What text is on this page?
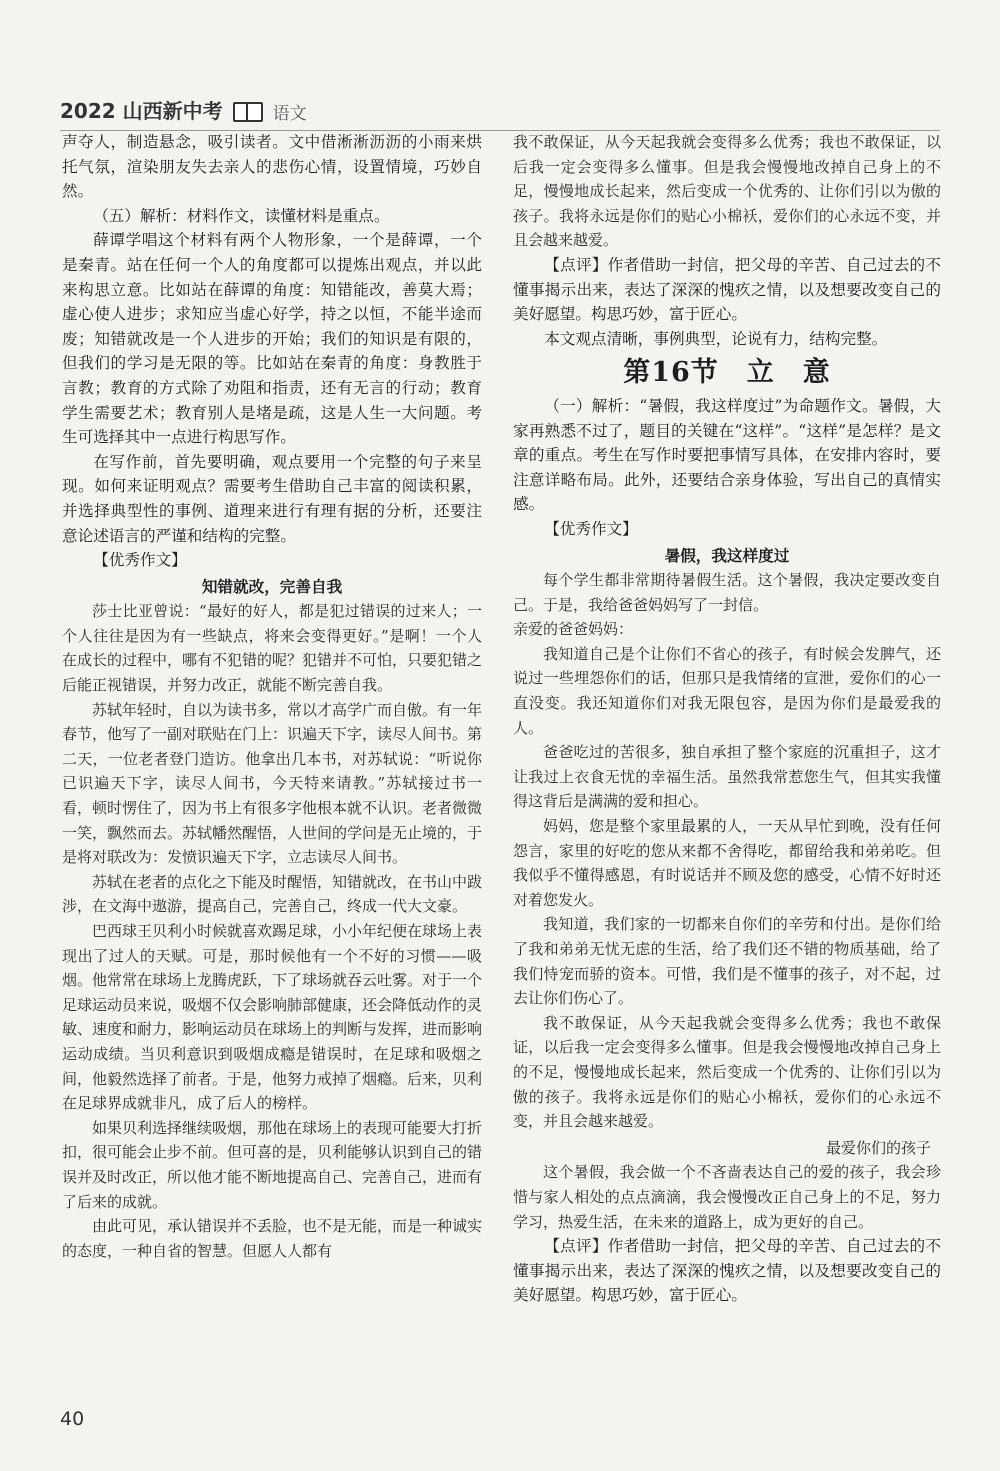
2022 山西新中考	语文

声夺人，制造悬念，吸引读者。文中借淅淅沥沥的小雨来烘托气氛，渲染朋友失去亲人的悲伤心情，设置情境，巧妙自然。

（五）解析：材料作文，读懂材料是重点。

薛谭学唱这个材料有两个人物形象，一个是薛谭，一个是秦青。站在任何一个人的角度都可以提炼出观点，并以此来构思立意。比如站在薛谭的角度：知错能改，善莫大焉；虚心使人进步；求知应当虚心好学，持之以恒，不能半途而废；知错就改是一个人进步的开始；我们的知识是有限的，但我们的学习是无限的等。比如站在秦青的角度：身教胜于言教；教育的方式除了劝阻和指责，还有无言的行动；教育学生需要艺术；教育别人是堵是疏，这是人生一大问题。考生可选择其中一点进行构思写作。

在写作前，首先要明确，观点要用一个完整的句子来呈现。如何来证明观点？需要考生借助自己丰富的阅读积累，并选择典型性的事例、道理来进行有理有据的分析，还要注意论述语言的严谨和结构的完整。

【优秀作文】

知错就改，完善自我

莎士比亚曾说：“最好的好人，都是犯过错误的过来人；一个人往往是因为有一些缺点，将来会变得更好。”是啊！一个人在成长的过程中，哪有不犯错的呢？犯错并不可怕，只要犯错之后能正视错误，并努力改正，就能不断完善自我。

苏轼年轻时，自以为读书多，常以才高学广而自傲。有一年春节，他写了一副对联贴在门上：识遍天下字，读尽人间书。第二天，一位老者登门造访。他拿出几本书，对苏轼说：“听说你已识遍天下字，读尽人间书，今天特来请教。”苏轼接过书一看，顿时愣住了，因为书上有很多字他根本就不认识。老者微微一笑，飘然而去。苏轼幡然醒悟，人世间的学问是无止境的，于是将对联改为：发愤识遍天下字，立志读尽人间书。

苏轼在老者的点化之下能及时醒悟，知错就改，在书山中跋涉，在文海中遨游，提高自己，完善自己，终成一代大文豪。

巴西球王贝利小时候就喜欢踢足球，小小年纪便在球场上表现出了过人的天赋。可是，那时候他有一个不好的习惯——吸烟。他常常在球场上龙腾虎跃，下了球场就吞云吐雾。对于一个足球运动员来说，吸烟不仅会影响肺部健康，还会降低动作的灵敏、速度和耐力，影响运动员在球场上的判断与发挥，进而影响运动成绩。当贝利意识到吸烟成瘾是错误时，在足球和吸烟之间，他毅然选择了前者。于是，他努力戒掉了烟瘾。后来，贝利在足球界成就非凡，成了后人的榜样。

如果贝利选择继续吸烟，那他在球场上的表现可能要大打折扣，很可能会止步不前。但可喜的是，贝利能够认识到自己的错误并及时改正，所以他才能不断地提高自己、完善自己，进而有了后来的成就。

由此可见，承认错误并不丢脸，也不是无能，而是一种诚实的态度，一种自省的智慧。但愿人人都有

我不敢保证，从今天起我就会变得多么优秀；我也不敢保证，以后我一定会变得多么懂事。但是我会慢慢地改掉自己身上的不足，慢慢地成长起来，然后变成一个优秀的、让你们引以为傲的孩子。我将永远是你们的贴心小棉袄，爱你们的心永远不变，并且会越来越爱。

【点评】作者借助一封信，把父母的辛苦、自己过去的不懂事揭示出来，表达了深深的愧疚之情，以及想要改变自己的美好愿望。构思巧妙，富于匠心。

本文观点清晰，事例典型，论说有力，结构完整。

第16节 立 意

（一）解析：“暑假，我这样度过”为命题作文。暑假，大家再熟悉不过了，题目的关键在“这样”。“这样”是怎样？是文章的重点。考生在写作时要把事情写具体，在安排内容时，要注意详略布局。此外，还要结合亲身体验，写出自己的真情实感。

【优秀作文】

暑假，我这样度过

每个学生都非常期待暑假生活。这个暑假，我决定要改变自己。于是，我给爸爸妈妈写了一封信。

亲爱的爸爸妈妈：

我知道自己是个让你们不省心的孩子，有时候会发脾气，还说过一些埋怨你们的话，但那只是我情绪的宣泄，爱你们的心一直没变。我还知道你们对我无限包容，是因为你们是最爱我的人。

爸爸吃过的苦很多，独自承担了整个家庭的沉重担子，这才让我过上衣食无忧的幸福生活。虽然我常惹您生气，但其实我懂得这背后是满满的爱和担心。

妈妈，您是整个家里最累的人，一天从早忙到晚，没有任何怨言，家里的好吃的您从来都不舍得吃，都留给我和弟弟吃。但我似乎不懂得感恩，有时说话并不顾及您的感受，心情不好时还对着您发火。

我知道，我们家的一切都来自你们的辛劳和付出。是你们给了我和弟弟无忧无虑的生活，给了我们还不错的物质基础，给了我们恃宠而骄的资本。可惜，我们是不懂事的孩子，对不起，过去让你们伤心了。

我不敢保证，从今天起我就会变得多么优秀；我也不敢保证，以后我一定会变得多么懂事。但是我会慢慢地改掉自己身上的不足，慢慢地成长起来，然后变成一个优秀的、让你们引以为傲的孩子。我将永远是你们的贴心小棉袄，爱你们的心永远不变，并且会越来越爱。

最爱你们的孩子

这个暑假，我会做一个不吝啬表达自己的爱的孩子，我会珍惜与家人相处的点点滴滴，我会慢慢改正自己身上的不足，努力学习，热爱生活，在未来的道路上，成为更好的自己。

【点评】作者借助一封信，把父母的辛苦、自己过去的不懂事揭示出来，表达了深深的愧疚之情，以及想要改变自己的美好愿望。构思巧妙，富于匠心。

40
